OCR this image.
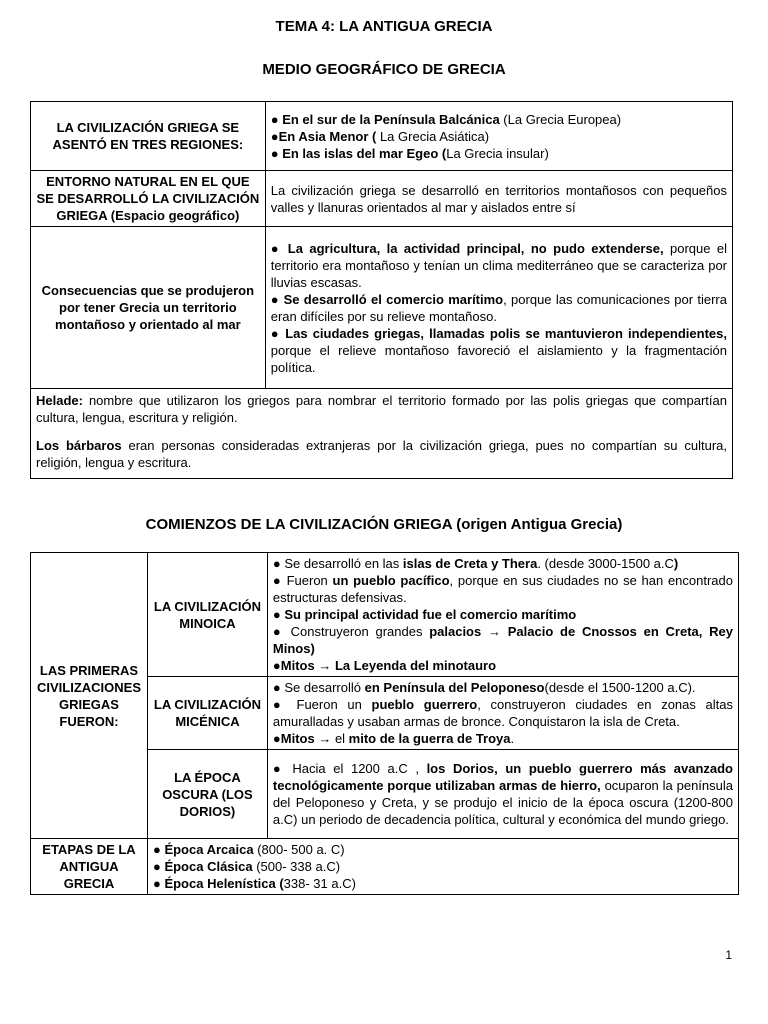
TEMA 4: LA ANTIGUA GRECIA
MEDIO GEOGRÁFICO DE GRECIA
LA CIVILIZACIÓN GRIEGA SE ASENTÓ EN TRES REGIONES:	● En el sur de la Península Balcánica (La Grecia Europea)
●En Asia Menor ( La Grecia Asiática)
● En las islas del mar Egeo (La Grecia insular)

ENTORNO NATURAL EN EL QUE SE DESARROLLÓ LA CIVILIZACIÓN GRIEGA (Espacio geográfico)	La civilización griega se desarrolló en territorios montañosos con pequeños valles y llanuras orientados al mar y aislados entre sí
Consecuencias que se produjeron por tener Grecia un territorio montañoso y orientado al mar	● La agricultura, la actividad principal, no pudo extenderse, porque el territorio era montañoso y tenían un clima mediterráneo que se caracteriza por lluvias escasas.
● Se desarrolló el comercio marítimo, porque las comunicaciones por tierra eran difíciles por su relieve montañoso.
● Las ciudades griegas, llamadas polis se mantuvieron independientes, porque el relieve montañoso favoreció el aislamiento y la fragmentación política.

Helade: nombre que utilizaron los griegos para nombrar el territorio formado por las polis griegas que compartían cultura, lengua, escritura y religión.
Los bárbaros eran personas consideradas extranjeras por la civilización griega, pues no compartían su cultura, religión, lengua y escritura.	
COMIENZOS DE LA CIVILIZACIÓN GRIEGA (origen Antigua Grecia)
LAS PRIMERAS CIVILIZACIONES GRIEGAS FUERON:	LA CIVILIZACIÓN MINOICA	● Se desarrolló en las islas de Creta y Thera. (desde 3000-1500 a.C)
● Fueron un pueblo pacífico, porque en sus ciudades no se han encontrado estructuras defensivas.
● Su principal actividad fue el comercio marítimo
● Construyeron grandes palacios → Palacio de Cnossos en Creta, Rey Minos)
●Mitos → La Leyenda del minotauro

	LA CIVILIZACIÓN MICÉNICA	● Se desarrolló en Península del Peloponeso(desde el 1500-1200 a.C).
● Fueron un pueblo guerrero, construyeron ciudades en zonas altas amuralladas y usaban armas de bronce. Conquistaron la isla de Creta.
●Mitos → el mito de la guerra de Troya.

	LA ÉPOCA OSCURA (LOS DORIOS)	● Hacia el 1200 a.C , los Dorios, un pueblo guerrero más avanzado tecnológicamente porque utilizaban armas de hierro, ocuparon la península del Peloponeso y Creta, y se produjo el inicio de la época oscura (1200-800 a.C) un periodo de decadencia política, cultural y económica del mundo griego.
ETAPAS DE LA ANTIGUA GRECIA	● Época Arcaica (800- 500 a. C)
● Época Clásica (500- 338 a.C)
● Época Helenística (338- 31 a.C)	
1
